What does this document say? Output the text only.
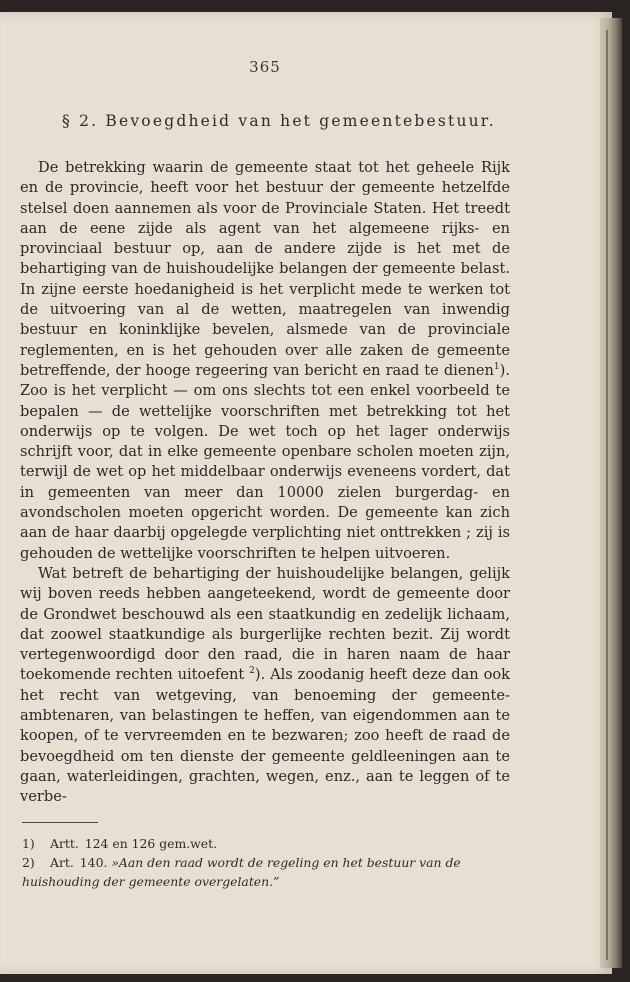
365
§ 2. Bevoegdheid van het gemeentebestuur.

De betrekking waarin de gemeente staat tot het geheele Rijk en de provincie, heeft voor het bestuur der gemeente hetzelfde stelsel doen aannemen als voor de Provinciale Staten. Het treedt aan de eene zijde als agent van het algemeene rijks- en provinciaal bestuur op, aan de andere zijde is het met de behartiging van de huishoudelijke belangen der gemeente belast. In zijne eerste hoedanigheid is het verplicht mede te werken tot de uitvoering van al de wetten, maatregelen van inwendig bestuur en koninklijke bevelen, alsmede van de provinciale reglementen, en is het gehouden over alle zaken de gemeente betreffende, der hooge regeering van bericht en raad te dienen$^1$). Zoo is het verplicht — om ons slechts tot een enkel voorbeeld te bepalen — de wettelijke voorschriften met betrekking tot het onderwijs op te volgen. De wet toch op het lager onderwijs schrijft voor, dat in elke gemeente openbare scholen moeten zijn, terwijl de wet op het middelbaar onderwijs eveneens vordert, dat in gemeenten van meer dan 10000 zielen burgerdag- en avondscholen moeten opgericht worden. De gemeente kan zich aan de haar daarbij opgelegde verplichting niet onttrekken ; zij is gehouden de wettelijke voorschriften te helpen uitvoeren.

Wat betreft de behartiging der huishoudelijke belangen, gelijk wij boven reeds hebben aangeteekend, wordt de gemeente door de Grondwet beschouwd als een staatkundig en zedelijk lichaam, dat zoowel staatkundige als burgerlijke rechten bezit. Zij wordt vertegenwoordigd door den raad, die in haren naam de haar toekomende rechten uitoefent $^2$). Als zoodanig heeft deze dan ook het recht van wetgeving, van benoeming der gemeente-ambtenaren, van belastingen te heffen, van eigendommen aan te koopen, of te vervreemden en te bezwaren; zoo heeft de raad de bevoegdheid om ten dienste der gemeente geldleeningen aan te gaan, waterleidingen, grachten, wegen, enz., aan te leggen of te verbe-

1) Artt. 124 en 126 gem.wet.

2) Art. 140. »Aan den raad wordt de regeling en het bestuur van de huishouding der gemeente overgelaten.”
